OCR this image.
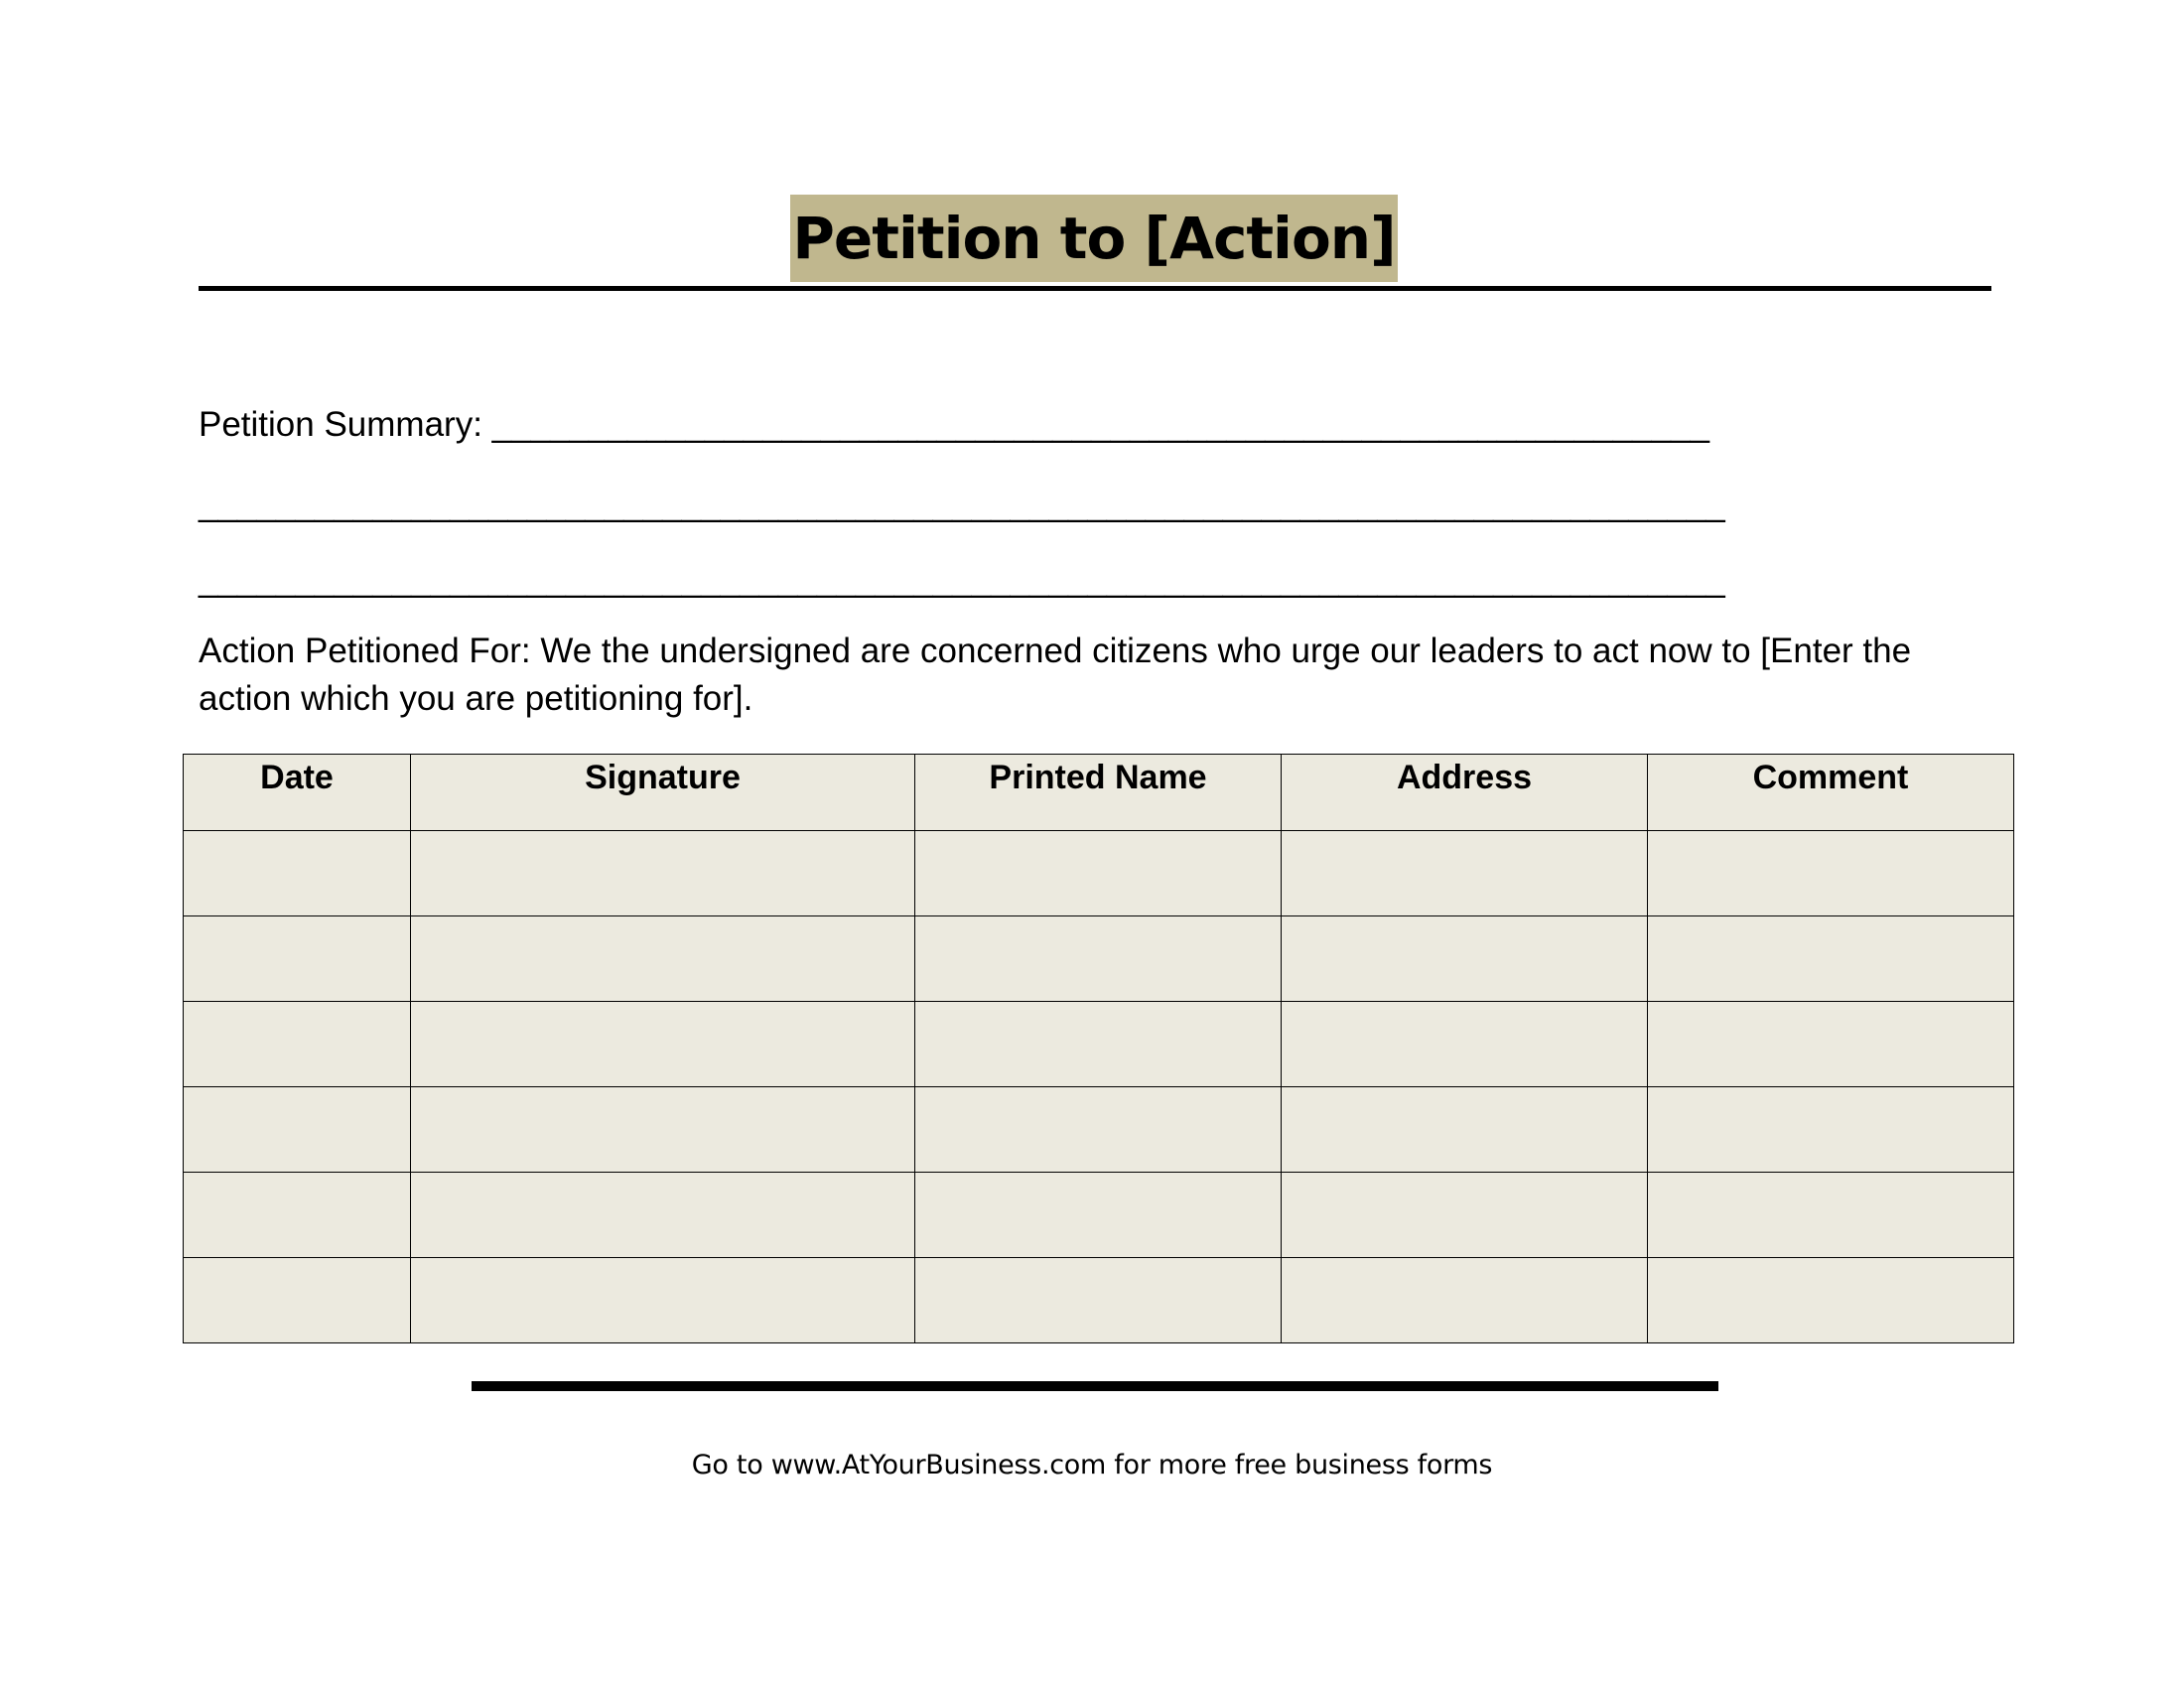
Petition to [Action]
Petition Summary: _______________________________________________________________
_______________________________________________________________________________
_______________________________________________________________________________
Action Petitioned For: We the undersigned are concerned citizens who urge our leaders to act now to [Enter the action which you are petitioning for].
Date	Signature	Printed Name	Address	Comment

Go to www.AtYourBusiness.com for more free business forms
